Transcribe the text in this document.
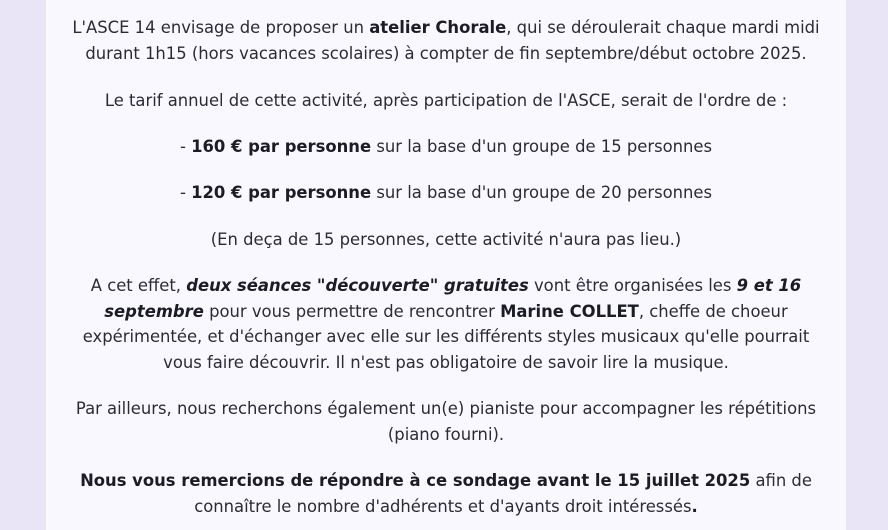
L'ASCE 14 envisage de proposer un atelier Chorale, qui se déroulerait chaque mardi midi durant 1h15 (hors vacances scolaires) à compter de fin septembre/début octobre 2025.

Le tarif annuel de cette activité, après participation de l'ASCE, serait de l'ordre de :

- 160 € par personne sur la base d'un groupe de 15 personnes

- 120 € par personne sur la base d'un groupe de 20 personnes

(En deça de 15 personnes, cette activité n'aura pas lieu.)

A cet effet, deux séances "découverte" gratuites vont être organisées les 9 et 16 septembre pour vous permettre de rencontrer Marine COLLET, cheffe de choeur expérimentée, et d'échanger avec elle sur les différents styles musicaux qu'elle pourrait vous faire découvrir. Il n'est pas obligatoire de savoir lire la musique.

Par ailleurs, nous recherchons également un(e) pianiste pour accompagner les répétitions (piano fourni).

Nous vous remercions de répondre à ce sondage avant le 15 juillet 2025 afin de connaître le nombre d'adhérents et d'ayants droit intéressés.
